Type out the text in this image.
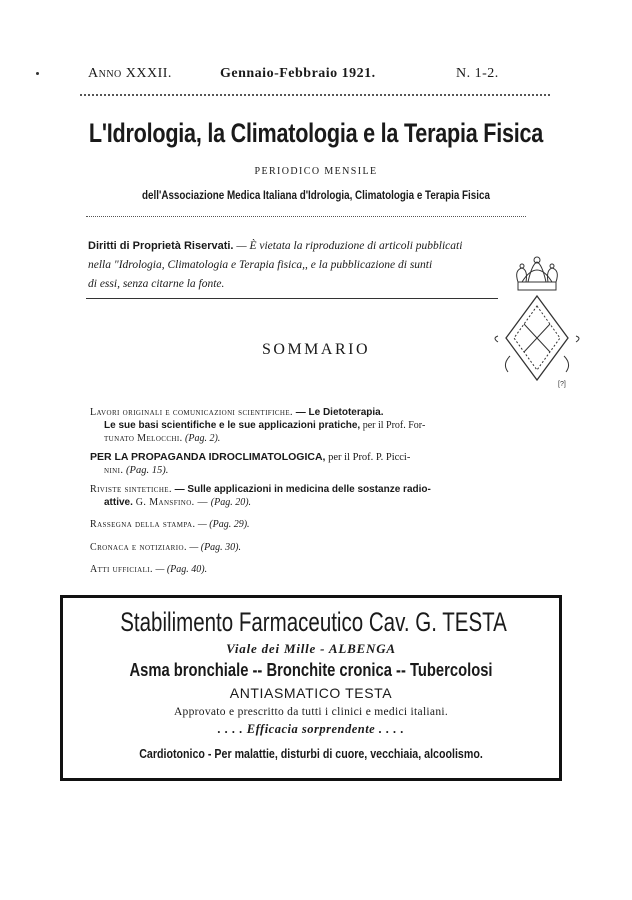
Anno XXXII.	Gennaio-Febbraio 1921.	N. 1-2.
L'Idrologia, la Climatologia e la Terapia Fisica
PERIODICO MENSILE
dell'Associazione Medica Italiana d'Idrologia, Climatologia e Terapia Fisica
Diritti di Proprietà Riservati. — È vietata la riproduzione di articoli pubblicati
nella "Idrologia, Climatologia e Terapia fisica,, e la pubblicazione di sunti
di essi, senza citarne la fonte.
[?]
SOMMARIO
Lavori originali e comunicazioni scientifiche. — Le Dietoterapia.
Le sue basi scientifiche e le sue applicazioni pratiche, per il Prof. For-
tunato Melocchi. (Pag. 2).
PER LA PROPAGANDA IDROCLIMATOLOGICA, per il Prof. P. Picci-
nini. (Pag. 15).
Riviste sintetiche. — Sulle applicazioni in medicina delle sostanze radio-
attive. G. Mansfino. — (Pag. 20).
Rassegna della stampa. — (Pag. 29).
Cronaca e notiziario. — (Pag. 30).
Atti ufficiali. — (Pag. 40).
Stabilimento Farmaceutico Cav. G. TESTA
Viale dei Mille - ALBENGA
Asma bronchiale -- Bronchite cronica -- Tubercolosi
ANTIASMATICO TESTA
Approvato e prescritto da tutti i clinici e medici italiani.
. . . . Efficacia sorprendente . . . .
Cardiotonico - Per malattie, disturbi di cuore, vecchiaia, alcoolismo.
